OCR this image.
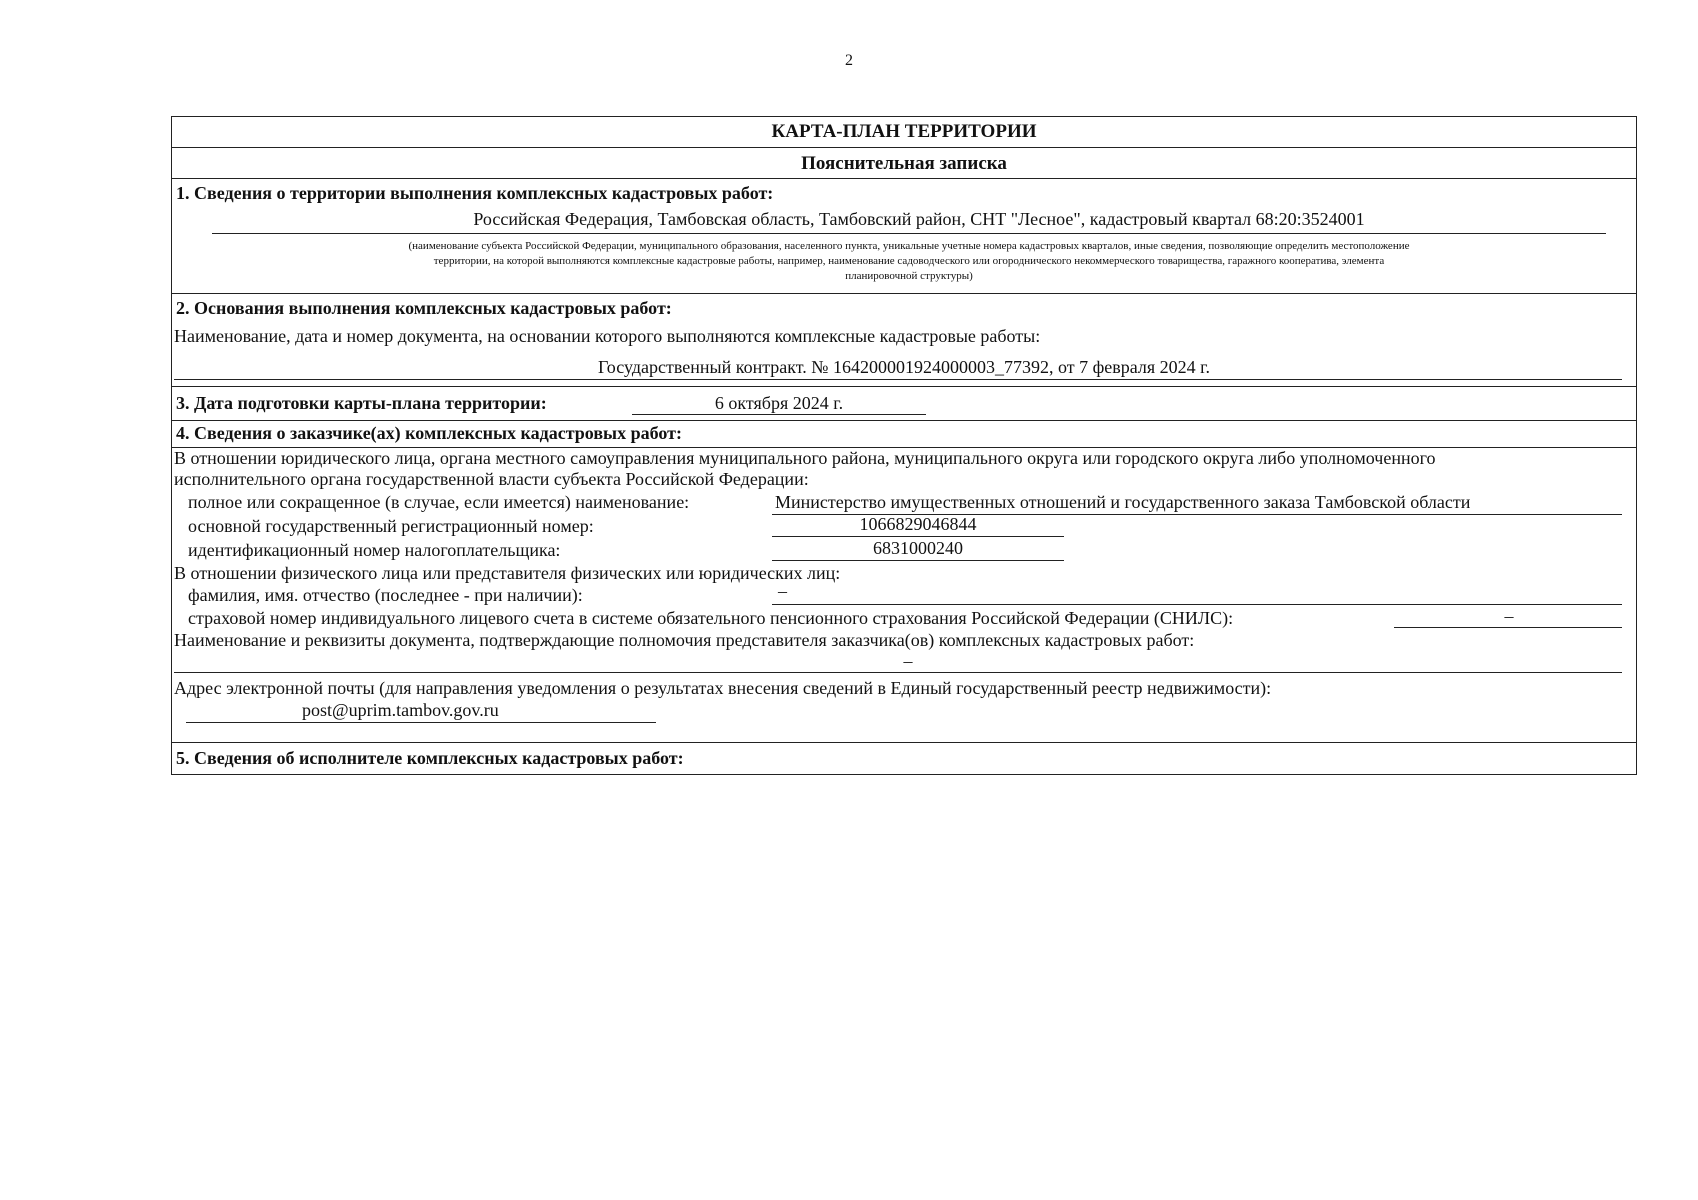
2
КАРТА-ПЛАН ТЕРРИТОРИИ
Пояснительная записка
1. Сведения о территории выполнения комплексных кадастровых работ:
Российская Федерация, Тамбовская область, Тамбовский район, СНТ "Лесное", кадастровый квартал 68:20:3524001
(наименование субъекта Российской Федерации, муниципального образования, населенного пункта, уникальные учетные номера кадастровых кварталов, иные сведения, позволяющие определить местоположение
территории, на которой выполняются комплексные кадастровые работы, например, наименование садоводческого или огороднического некоммерческого товарищества, гаражного кооператива, элемента
планировочной структуры)
2. Основания выполнения комплексных кадастровых работ:
Наименование, дата и номер документа, на основании которого выполняются комплексные кадастровые работы:
Государственный контракт. № 164200001924000003_77392, от 7 февраля 2024 г.
3. Дата подготовки карты-плана территории:	6 октября 2024 г.
4. Сведения о заказчике(ах) комплексных кадастровых работ:
В отношении юридического лица, органа местного самоуправления муниципального района, муниципального округа или городского округа либо уполномоченного
исполнительного органа государственной власти субъекта Российской Федерации:
полное или сокращенное (в случае, если имеется) наименование:	Министерство имущественных отношений и государственного заказа Тамбовской области
основной государственный регистрационный номер:	1066829046844
идентификационный номер налогоплательщика:	6831000240
В отношении физического лица или представителя физических или юридических лиц:
фамилия, имя. отчество (последнее - при наличии):	–
страховой номер индивидуального лицевого счета в системе обязательного пенсионного страхования Российской Федерации (СНИЛС):	–
Наименование и реквизиты документа, подтверждающие полномочия представителя заказчика(ов) комплексных кадастровых работ:
–
Адрес электронной почты (для направления уведомления о результатах внесения сведений в Единый государственный реестр недвижимости):
post@uprim.tambov.gov.ru
5. Сведения об исполнителе комплексных кадастровых работ:
